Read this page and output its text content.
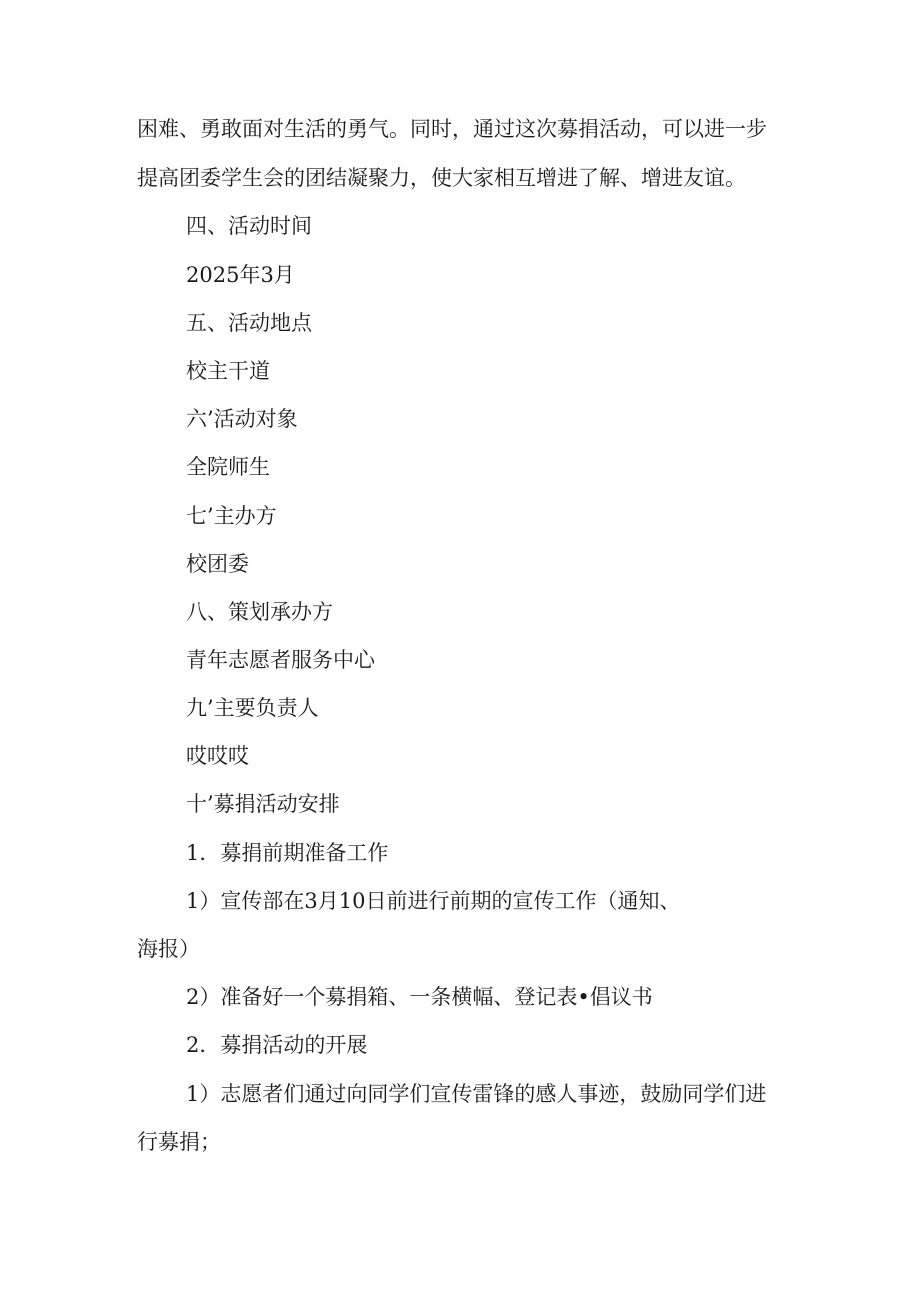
困难、勇敢面对生活的勇气。同时，通过这次募捐活动，可以进一步
提高团委学生会的团结凝聚力，使大家相互增进了解、增进友谊。
四、活动时间
2025年3月
五、活动地点
校主干道
六’活动对象
全院师生
七’主办方
校团委
八、策划承办方
青年志愿者服务中心
九’主要负责人
哎哎哎
十’募捐活动安排
1．募捐前期准备工作
1）宣传部在3月10日前进行前期的宣传工作（通知、
海报）
2）准备好一个募捐箱、一条横幅、登记表•倡议书
2．募捐活动的开展
1）志愿者们通过向同学们宣传雷锋的感人事迹，鼓励同学们进
行募捐；
